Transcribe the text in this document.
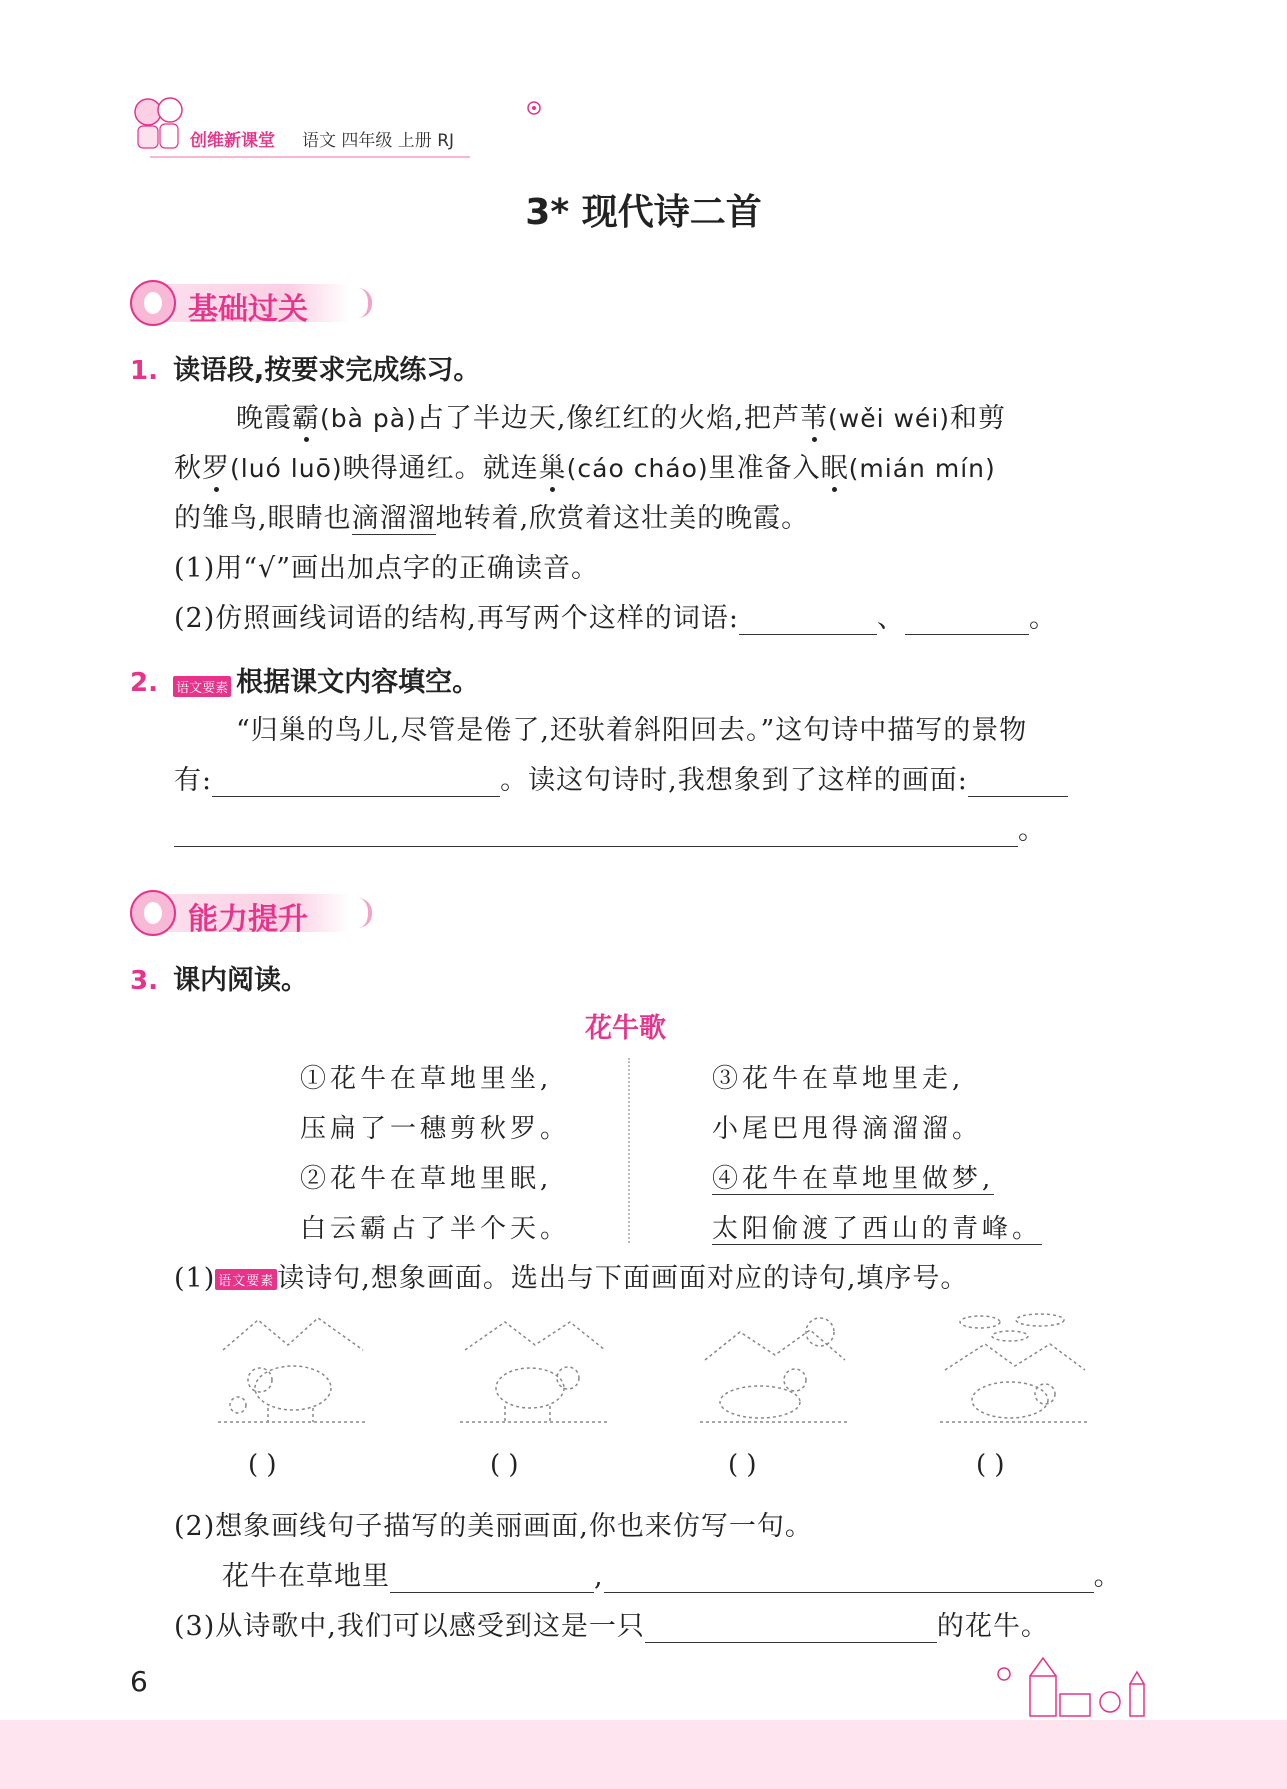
创维新课堂 语文 四年级 上册 RJ
3* 现代诗二首
基础过关
1. 读语段,按要求完成练习。
晚霞霸(bà pà)占了半边天,像红红的火焰,把芦苇(wěi wéi)和剪
秋罗(luó luō)映得通红。就连巢(cáo cháo)里准备入眠(mián mín)
的雏鸟,眼睛也滴溜溜地转着,欣赏着这壮美的晚霞。
(1)用“√”画出加点字的正确读音。
(2)仿照画线词语的结构,再写两个这样的词语:	、	。
2. 语文要素 根据课文内容填空。
“归巢的鸟儿,尽管是倦了,还驮着斜阳回去。”这句诗中描写的景物
有:	。读这句诗时,我想象到了这样的画面:
。
能力提升
3. 课内阅读。
花牛歌
①花牛在草地里坐,
压扁了一穗剪秋罗。
②花牛在草地里眠,
白云霸占了半个天。
③花牛在草地里走,
小尾巴甩得滴溜溜。
④花牛在草地里做梦,
太阳偷渡了西山的青峰。
(1) 语文要素 读诗句,想象画面。选出与下面画面对应的诗句,填序号。
( )	( )	( )	( )
(2)想象画线句子描写的美丽画面,你也来仿写一句。
花牛在草地里	,	。
(3)从诗歌中,我们可以感受到这是一只	的花牛。
6
